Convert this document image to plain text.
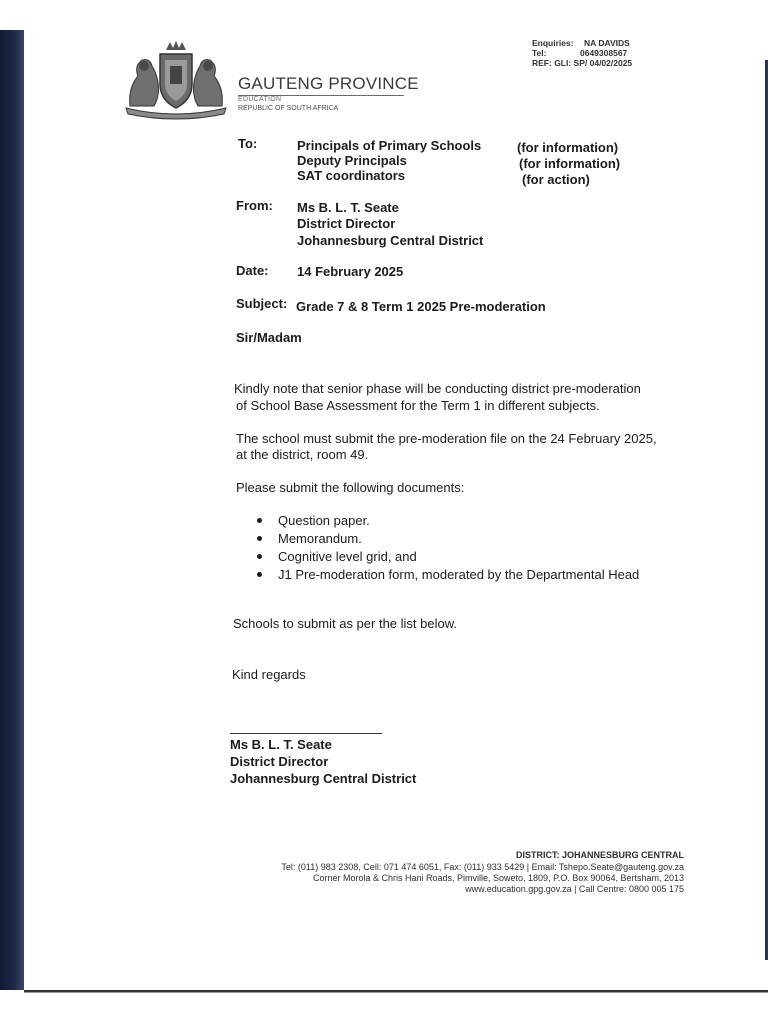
GAUTENG PROVINCE

EDUCATION

REPUBLIC OF SOUTH AFRICA

Enquiries: NA DAVIDS

Tel:	0649308567

REF: GLI: SP/ 04/02/2025

To:	Principals of Primary Schools	(for information)

Deputy Principals	(for information)

SAT coordinators	(for action)

From: Ms B. L. T. Seate

District Director

Johannesburg Central District

Date: 14 February 2025

Subject: Grade 7 & 8 Term 1 2025 Pre-moderation

Sir/Madam

Kindly note that senior phase will be conducting district pre-moderation

of School Base Assessment for the Term 1 in different subjects.

The school must submit the pre-moderation file on the 24 February 2025,

at the district, room 49.

Please submit the following documents:

Question paper.

Memorandum.

Cognitive level grid, and

J1 Pre-moderation form, moderated by the Departmental Head

Schools to submit as per the list below.

Kind regards

Ms B. L. T. Seate

District Director

Johannesburg Central District

DISTRICT: JOHANNESBURG CENTRAL

Tel: (011) 983 2308, Cell: 071 474 6051, Fax: (011) 933 5429 | Email: Tshepo.Seate@gauteng.gov.za

Corner Morola & Chris Hani Roads, Pimville, Soweto, 1809, P.O. Box 90064, Bertsham, 2013

www.education.gpg.gov.za | Call Centre: 0800 005 175
